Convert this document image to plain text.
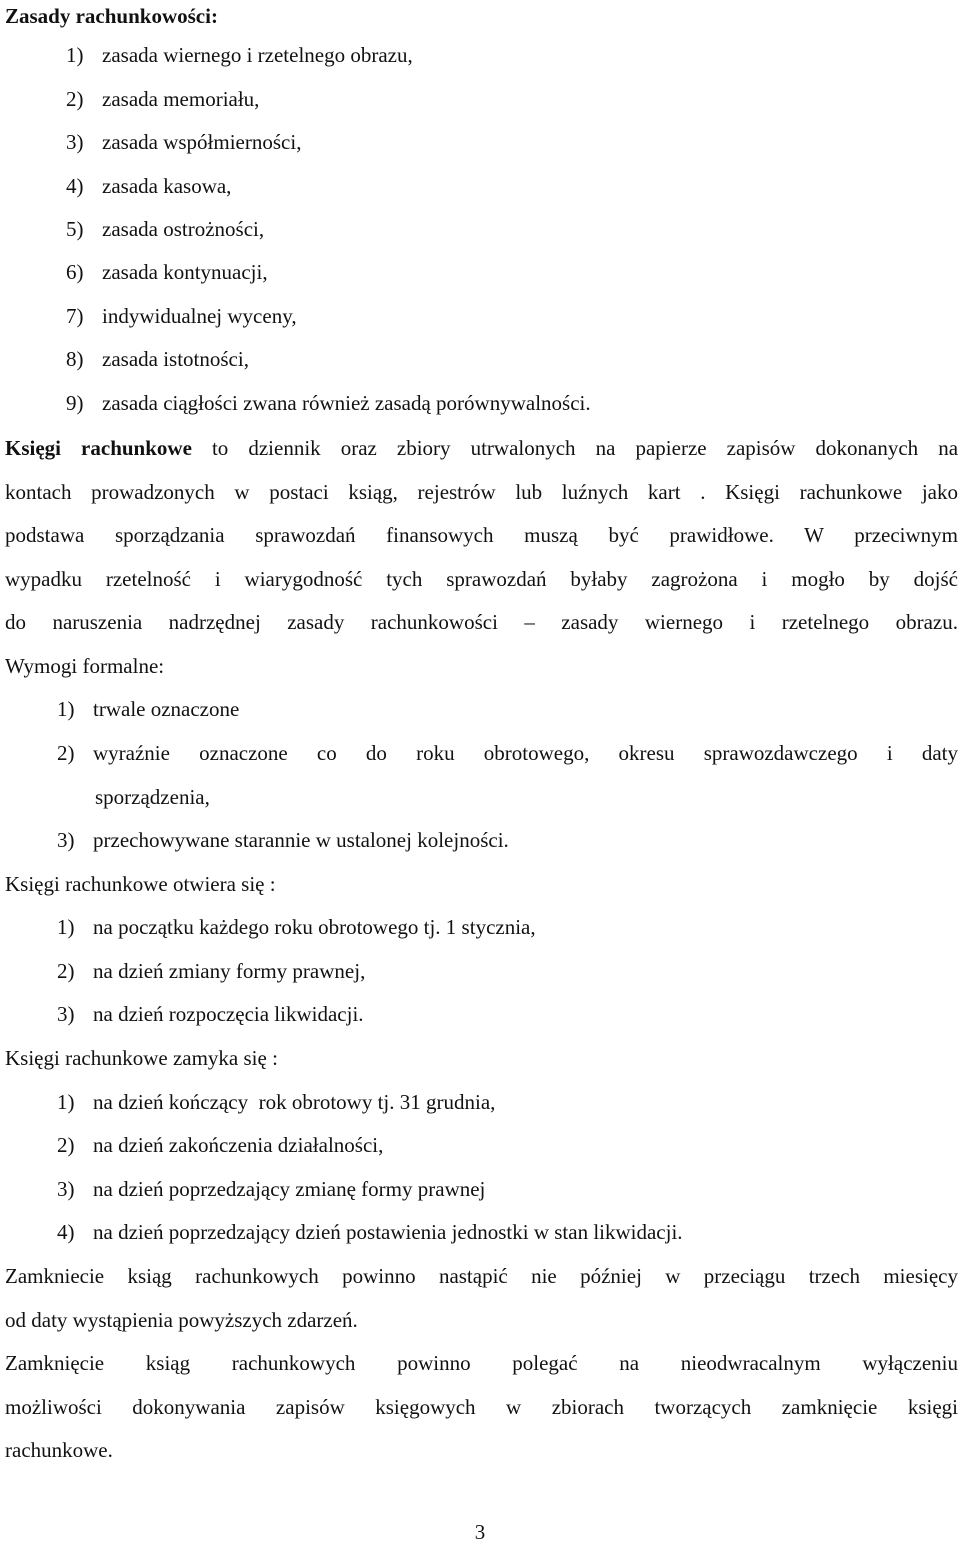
Zasady rachunkowości:
1) zasada wiernego i rzetelnego obrazu,
2) zasada memoriału,
3) zasada współmierności,
4) zasada kasowa,
5) zasada ostrożności,
6) zasada kontynuacji,
7) indywidualnej wyceny,
8) zasada istotności,
9) zasada ciągłości zwana również zasadą porównywalności.
Księgi rachunkowe to dziennik oraz zbiory utrwalonych na papierze zapisów dokonanych na
kontach prowadzonych w postaci ksiąg, rejestrów lub luźnych kart . Księgi rachunkowe jako
podstawa sporządzania sprawozdań finansowych muszą być prawidłowe. W przeciwnym
wypadku rzetelność i wiarygodność tych sprawozdań byłaby zagrożona i mogło by dojść
do naruszenia nadrzędnej zasady rachunkowości – zasady wiernego i rzetelnego obrazu.
Wymogi formalne:
1) trwale oznaczone
2) wyraźnie oznaczone co do roku obrotowego, okresu sprawozdawczego i daty
sporządzenia,
3) przechowywane starannie w ustalonej kolejności.
Księgi rachunkowe otwiera się :
1) na początku każdego roku obrotowego tj. 1 stycznia,
2) na dzień zmiany formy prawnej,
3) na dzień rozpoczęcia likwidacji.
Księgi rachunkowe zamyka się :
1) na dzień kończący  rok obrotowy tj. 31 grudnia,
2) na dzień zakończenia działalności,
3) na dzień poprzedzający zmianę formy prawnej
4) na dzień poprzedzający dzień postawienia jednostki w stan likwidacji.
Zamkniecie ksiąg rachunkowych powinno nastąpić nie później w przeciągu trzech miesięcy
od daty wystąpienia powyższych zdarzeń.
Zamknięcie ksiąg rachunkowych powinno polegać na nieodwracalnym wyłączeniu
możliwości dokonywania zapisów księgowych w zbiorach tworzących zamknięcie księgi
rachunkowe.
3
